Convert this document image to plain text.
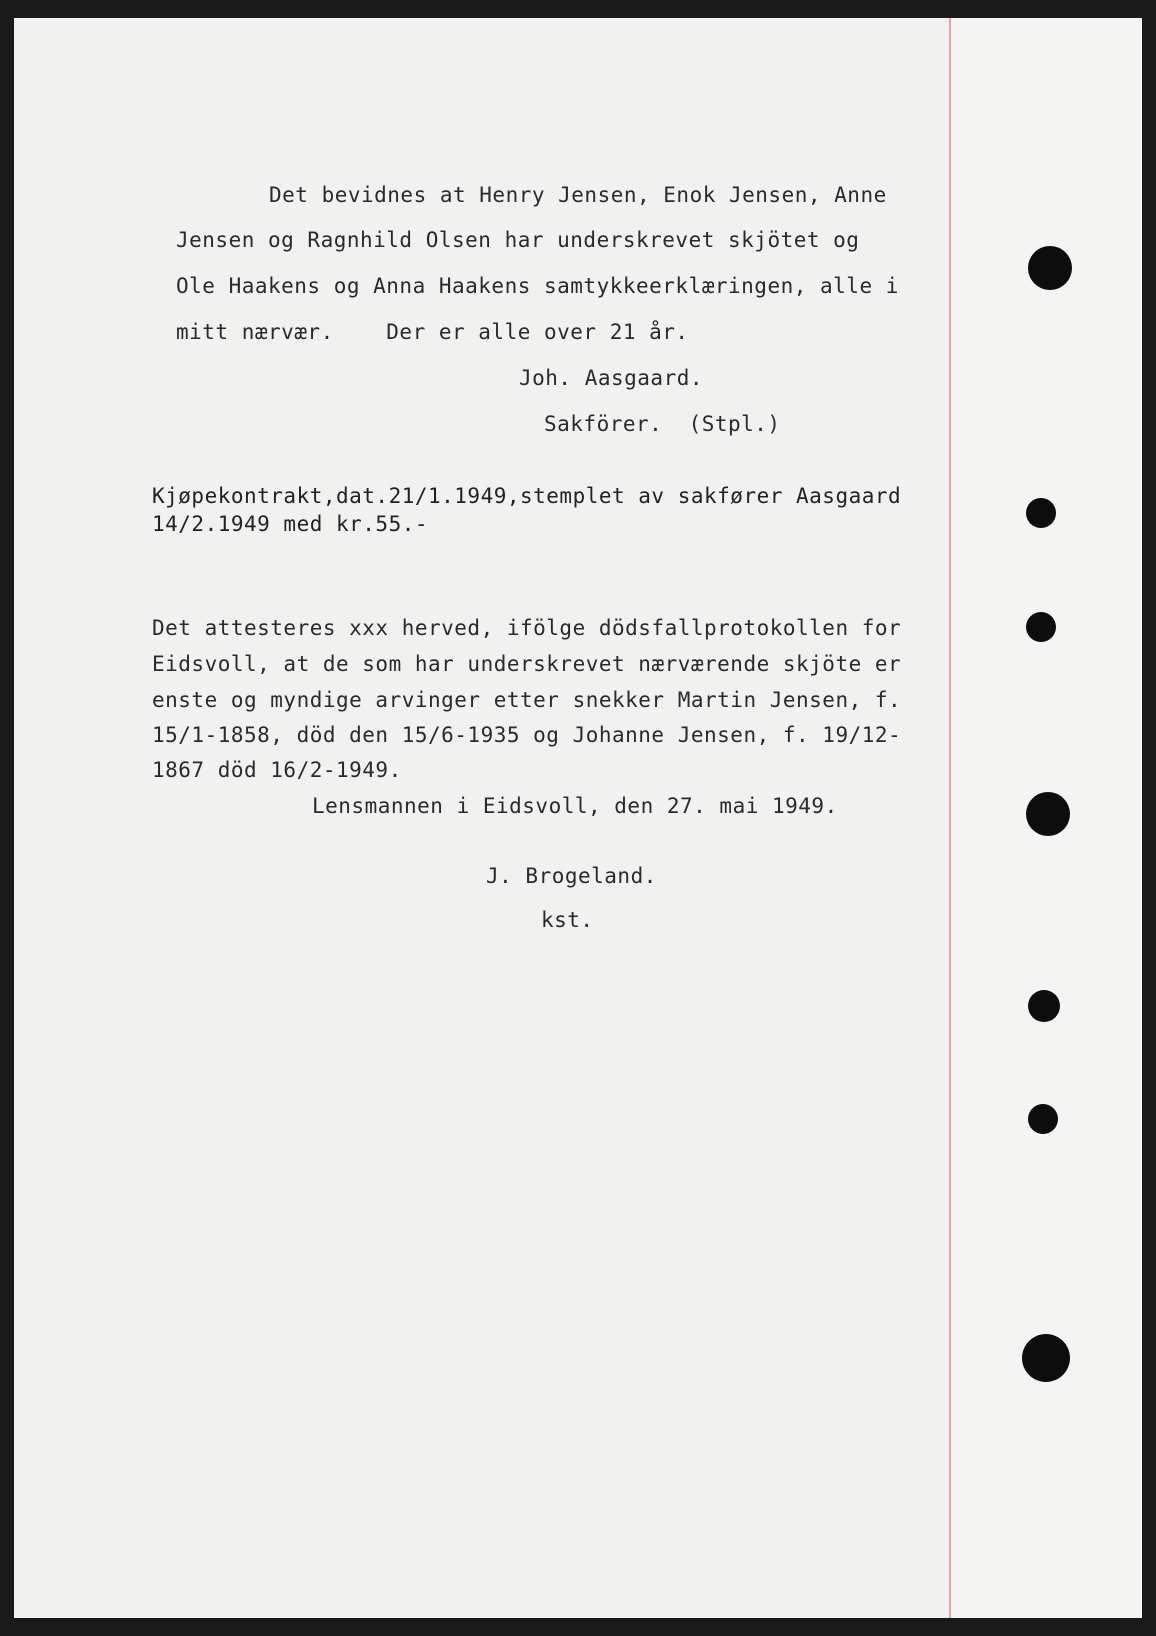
Det bevidnes at Henry Jensen, Enok Jensen, Anne
Jensen og Ragnhild Olsen har underskrevet skjötet og
Ole Haakens og Anna Haakens samtykkeerklæringen, alle i
mitt nærvær.    Der er alle over 21 år.
Joh. Aasgaard.
Sakförer.  (Stpl.)
Kjøpekontrakt,dat.21/1.1949,stemplet av sakfører Aasgaard
14/2.1949 med kr.55.-
Det attesteres xxx herved, ifölge dödsfallprotokollen for
Eidsvoll, at de som har underskrevet nærværende skjöte er
enste og myndige arvinger etter snekker Martin Jensen, f.
15/1-1858, död den 15/6-1935 og Johanne Jensen, f. 19/12-
1867 död 16/2-1949.
Lensmannen i Eidsvoll, den 27. mai 1949.
J. Brogeland.
kst.
